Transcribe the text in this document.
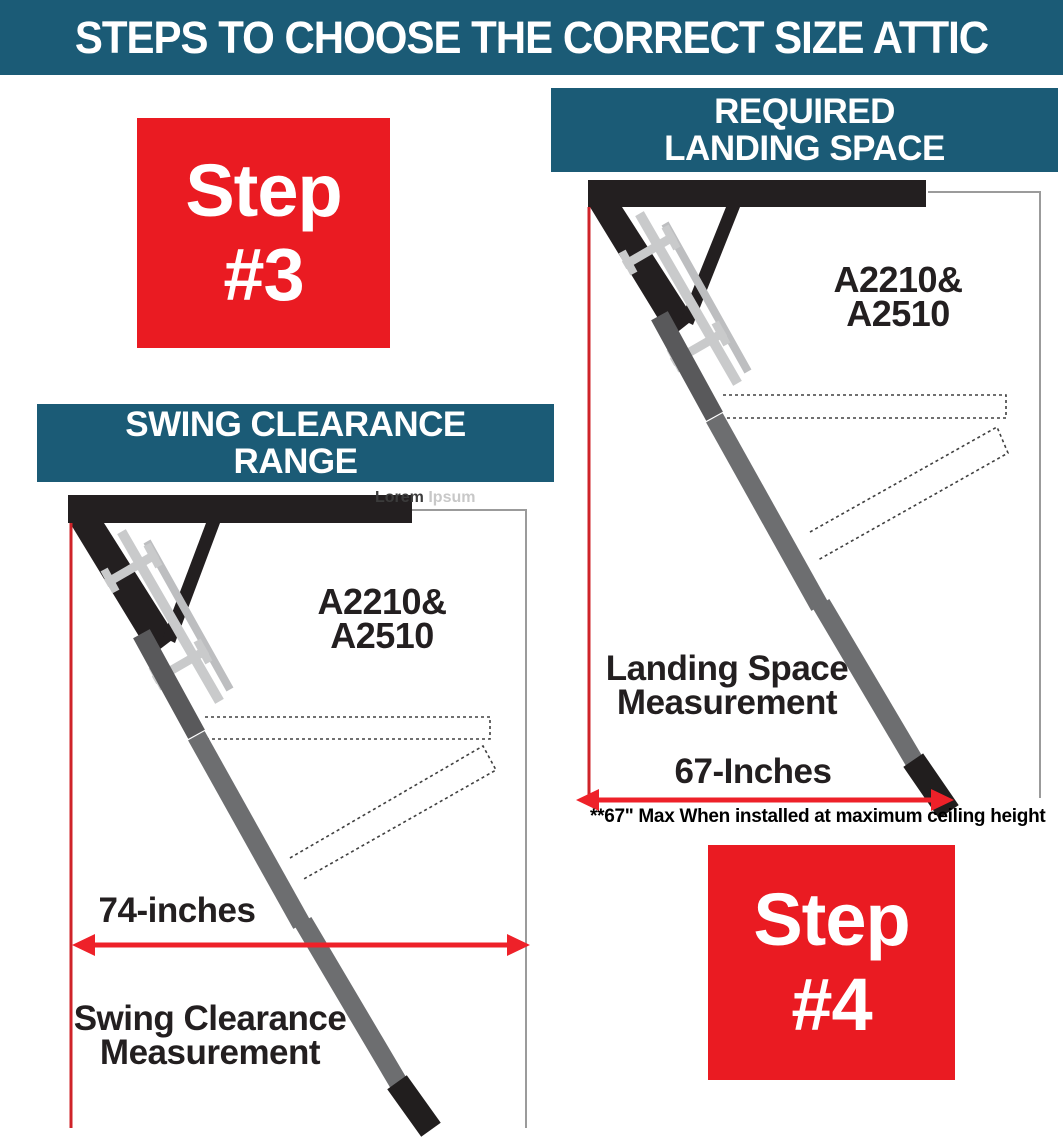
STEPS TO CHOOSE THE CORRECT SIZE ATTIC
Step
#3
Step
#4
REQUIRED
LANDING SPACE
SWING CLEARANCE
RANGE
A2210&
A2510
A2210&
A2510
Landing Space
Measurement
67-Inches
**67" Max When installed at maximum ceiling height
74-inches
Swing Clearance
Measurement
Lorem Ipsum
